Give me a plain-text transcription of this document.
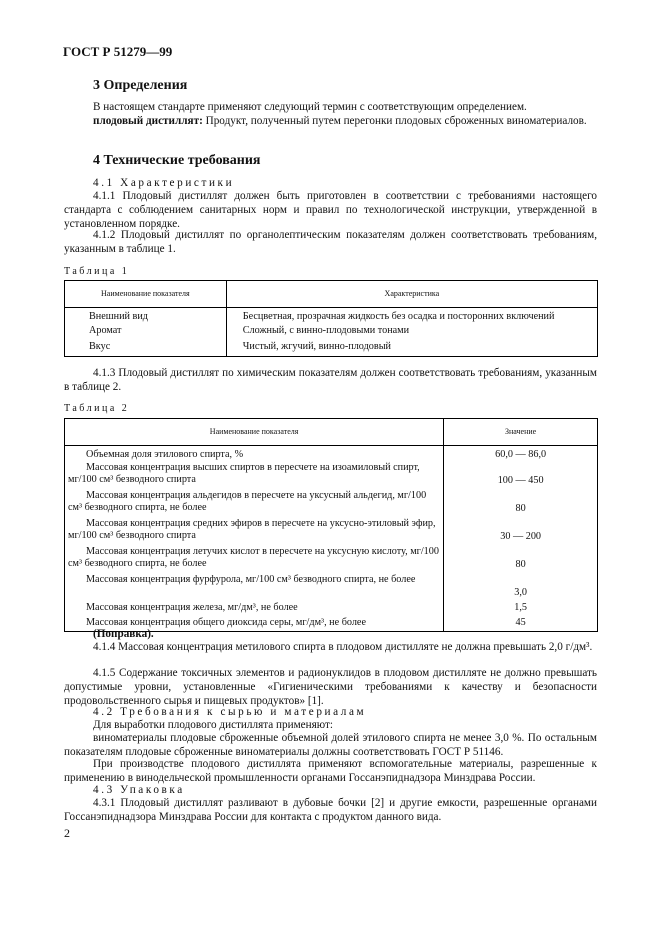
ГОСТ Р 51279—99
3 Определения
В настоящем стандарте применяют следующий термин с соответствующим определением.
плодовый дистиллят: Продукт, полученный путем перегонки плодовых сброженных виноматериалов.
4 Технические требования
4.1 Характеристики
4.1.1 Плодовый дистиллят должен быть приготовлен в соответствии с требованиями настоящего стандарта с соблюдением санитарных норм и правил по технологической инструкции, утвержденной в установленном порядке.
4.1.2 Плодовый дистиллят по органолептическим показателям должен соответствовать требованиям, указанным в таблице 1.
Таблица 1
Наименование показателя	Характеристика
Внешний вид	Бесцветная, прозрачная жидкость без осадка и посторонних включений
Аромат	Сложный, с винно-плодовыми тонами
Вкус	Чистый, жгучий, винно-плодовый
4.1.3 Плодовый дистиллят по химическим показателям должен соответствовать требованиям, указанным в таблице 2.
Таблица 2
Наименование показателя	Значение
Объемная доля этилового спирта, %	60,0 — 86,0
Массовая концентрация высших спиртов в пересчете на изоамиловый спирт, мг/100 см³ безводного спирта	100 — 450
Массовая концентрация альдегидов в пересчете на уксусный альдегид, мг/100 см³ безводного спирта, не более	80
Массовая концентрация средних эфиров в пересчете на уксусно-этиловый эфир, мг/100 см³ безводного спирта	30 — 200
Массовая концентрация летучих кислот в пересчете на уксусную кислоту, мг/100 см³ безводного спирта, не более	80
Массовая концентрация фурфурола, мг/100 см³ безводного спирта, не более	3,0
Массовая концентрация железа, мг/дм³, не более	1,5
Массовая концентрация общего диоксида серы, мг/дм³, не более	45
(Поправка).
4.1.4 Массовая концентрация метилового спирта в плодовом дистилляте не должна превышать 2,0 г/дм³.
4.1.5 Содержание токсичных элементов и радионуклидов в плодовом дистилляте не должно превышать допустимые уровни, установленные «Гигиеническими требованиями к качеству и безопасности продовольственного сырья и пищевых продуктов» [1].
4.2 Требования к сырью и материалам
Для выработки плодового дистиллята применяют:
виноматериалы плодовые сброженные объемной долей этилового спирта не менее 3,0 %. По остальным показателям плодовые сброженные виноматериалы должны соответствовать ГОСТ Р 51146.
При производстве плодового дистиллята применяют вспомогательные материалы, разрешенные к применению в винодельческой промышленности органами Госсанэпиднадзора Минздрава России.
4.3 Упаковка
4.3.1 Плодовый дистиллят разливают в дубовые бочки [2] и другие емкости, разрешенные органами Госсанэпиднадзора Минздрава России для контакта с продуктом данного вида.
2
